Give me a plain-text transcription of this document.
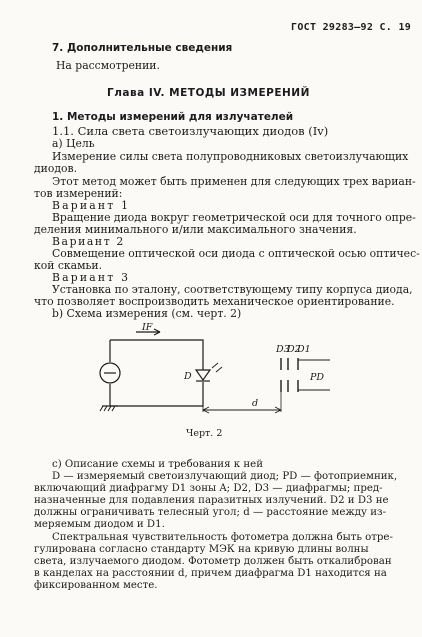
ГОСТ 29283—92 С. 19
7. Дополнительные сведения
На рассмотрении.
Глава IV. МЕТОДЫ ИЗМЕРЕНИЙ
1. Методы измерений для излучателей
1.1. Сила света светоизлучающих диодов (Iv)
а) Цель
Измерение силы света полупроводниковых светоизлучающих
диодов.
Этот метод может быть применен для следующих трех вариан-
тов измерений:
Вариант 1
Вращение диода вокруг геометрической оси для точного опре-
деления минимального и/или максимального значения.
Вариант 2
Совмещение оптической оси диода с оптической осью оптичес-
кой скамьи.
Вариант 3
Установка по эталону, соответствующему типу корпуса диода,
что позволяет воспроизводить механическое ориентирование.
b) Схема измерения (см. черт. 2)
IF
D
D3
D2
D1
PD
d
Черт. 2
с) Описание схемы и требования к ней
D — измеряемый светоизлучающий диод; PD — фотоприемник,
включающий диафрагму D1 зоны A; D2, D3 — диафрагмы; пред-
назначенные для подавления паразитных излучений. D2 и D3 не
должны ограничивать телесный угол; d — расстояние между из-
меряемым диодом и D1.
Спектральная чувствительность фотометра должна быть отре-
гулирована согласно стандарту МЭК на кривую длины волны
света, излучаемого диодом. Фотометр должен быть откалиброван
в канделах на расстоянии d, причем диафрагма D1 находится на
фиксированном месте.
